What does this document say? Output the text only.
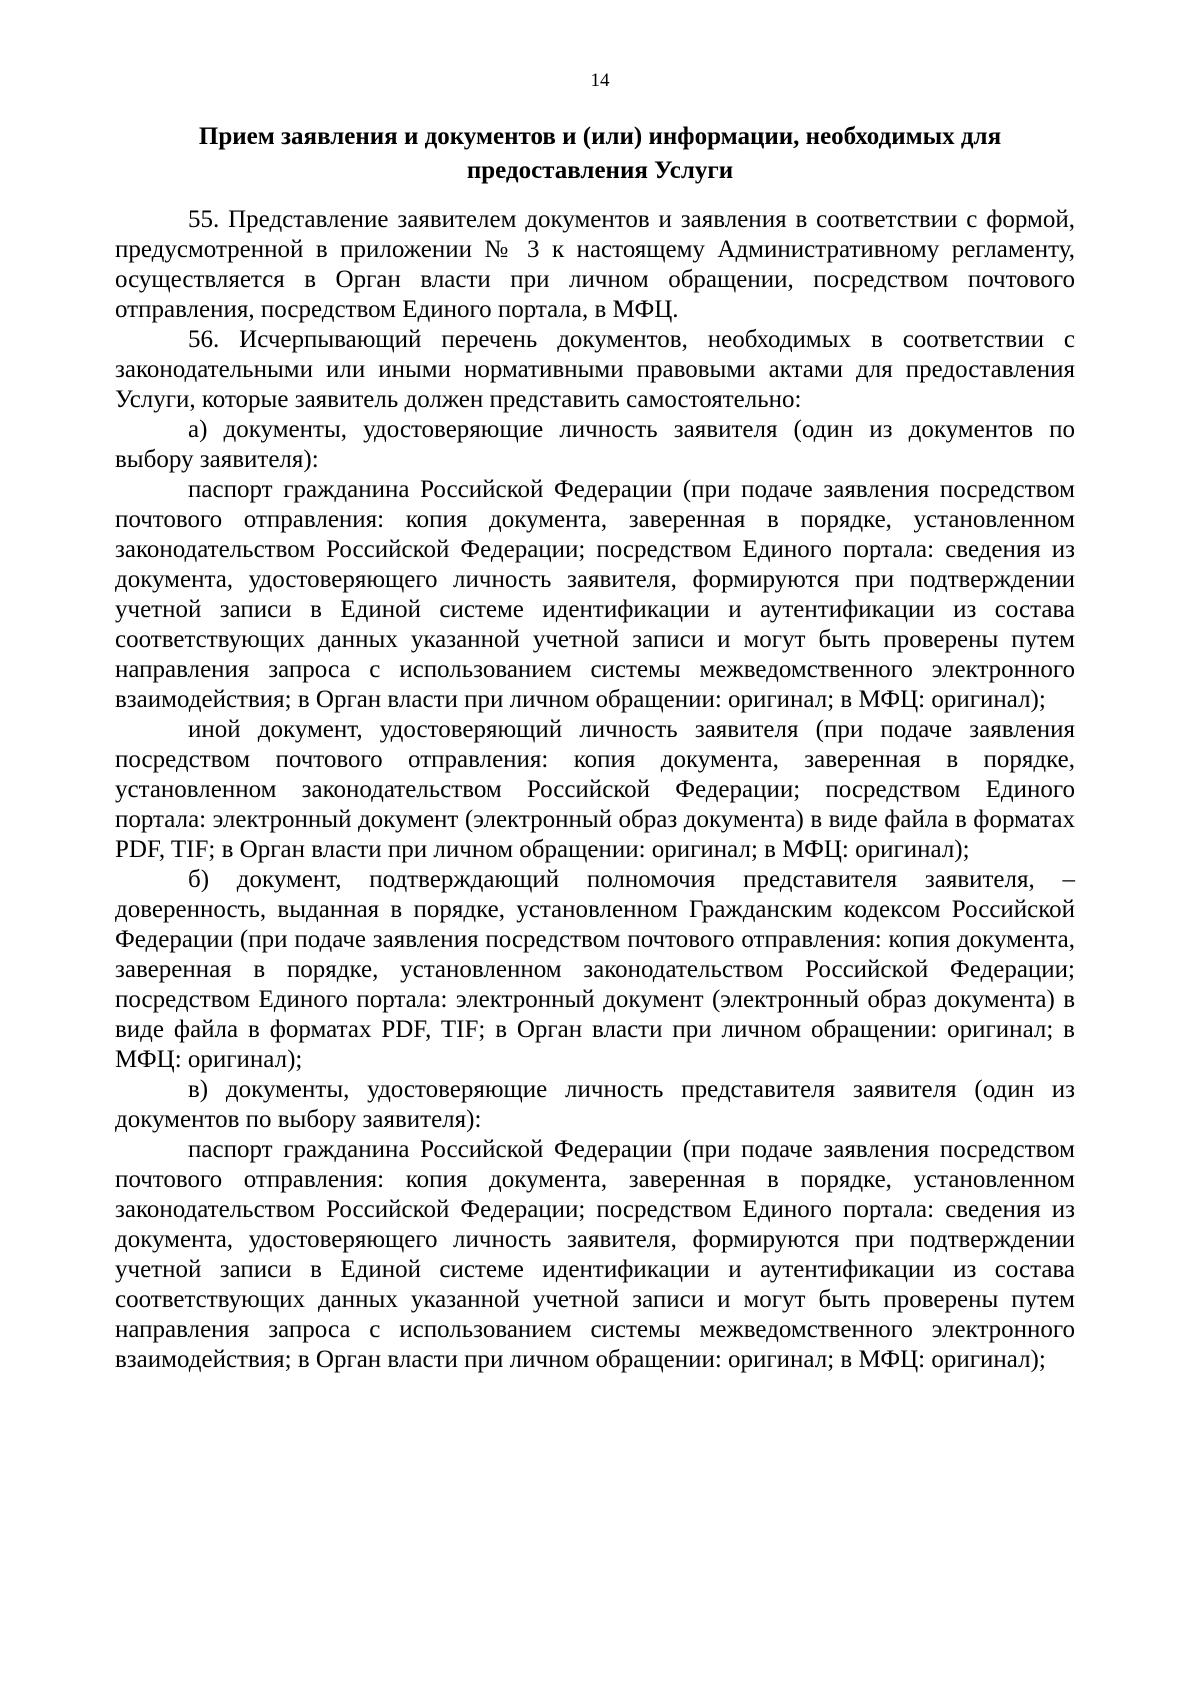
14
Прием заявления и документов и (или) информации, необходимых для предоставления Услуги

55. Представление заявителем документов и заявления в соответствии с формой, предусмотренной в приложении № 3 к настоящему Административному регламенту, осуществляется в Орган власти при личном обращении, посредством почтового отправления, посредством Единого портала, в МФЦ.

56. Исчерпывающий перечень документов, необходимых в соответствии с законодательными или иными нормативными правовыми актами для предоставления Услуги, которые заявитель должен представить самостоятельно:

а) документы, удостоверяющие личность заявителя (один из документов по выбору заявителя):

паспорт гражданина Российской Федерации (при подаче заявления посредством почтового отправления: копия документа, заверенная в порядке, установленном законодательством Российской Федерации; посредством Единого портала: сведения из документа, удостоверяющего личность заявителя, формируются при подтверждении учетной записи в Единой системе идентификации и аутентификации из состава соответствующих данных указанной учетной записи и могут быть проверены путем направления запроса с использованием системы межведомственного электронного взаимодействия; в Орган власти при личном обращении: оригинал; в МФЦ: оригинал);

иной документ, удостоверяющий личность заявителя (при подаче заявления посредством почтового отправления: копия документа, заверенная в порядке, установленном законодательством Российской Федерации; посредством Единого портала: электронный документ (электронный образ документа) в виде файла в форматах PDF, TIF; в Орган власти при личном обращении: оригинал; в МФЦ: оригинал);

б) документ, подтверждающий полномочия представителя заявителя, – доверенность, выданная в порядке, установленном Гражданским кодексом Российской Федерации (при подаче заявления посредством почтового отправления: копия документа, заверенная в порядке, установленном законодательством Российской Федерации; посредством Единого портала: электронный документ (электронный образ документа) в виде файла в форматах PDF, TIF; в Орган власти при личном обращении: оригинал; в МФЦ: оригинал);

в) документы, удостоверяющие личность представителя заявителя (один из документов по выбору заявителя):

паспорт гражданина Российской Федерации (при подаче заявления посредством почтового отправления: копия документа, заверенная в порядке, установленном законодательством Российской Федерации; посредством Единого портала: сведения из документа, удостоверяющего личность заявителя, формируются при подтверждении учетной записи в Единой системе идентификации и аутентификации из состава соответствующих данных указанной учетной записи и могут быть проверены путем направления запроса с использованием системы межведомственного электронного взаимодействия; в Орган власти при личном обращении: оригинал; в МФЦ: оригинал);
